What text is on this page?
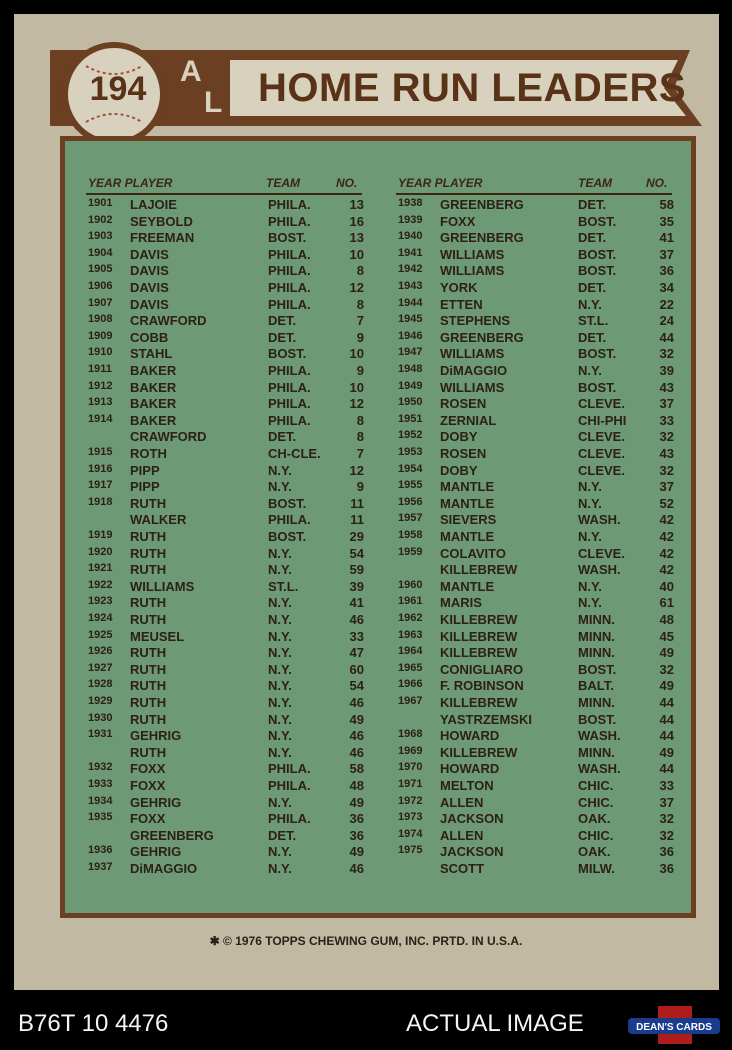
194	A
L HOME RUN LEADERS
YEAR PLAYER	TEAM	NO.	YEAR PLAYER	TEAM	NO.
1901 LAJOIE	PHILA.	13
1902 SEYBOLD	PHILA.	16
1903 FREEMAN	BOST.	13
1904 DAVIS	PHILA.	10
1905 DAVIS	PHILA.	8
1906 DAVIS	PHILA.	12
1907 DAVIS	PHILA.	8
1908 CRAWFORD	DET.	7
1909 COBB	DET.	9
1910 STAHL	BOST.	10
1911 BAKER	PHILA.	9
1912 BAKER	PHILA.	10
1913 BAKER	PHILA.	12
1914 BAKER	PHILA.	8
CRAWFORD	DET.	8
1915 ROTH	CH-CLE.	7
1916 PIPP	N.Y.	12
1917 PIPP	N.Y.	9
1918 RUTH	BOST.	11
WALKER	PHILA.	11
1919 RUTH	BOST.	29
1920 RUTH	N.Y.	54
1921 RUTH	N.Y.	59
1922 WILLIAMS	ST.L.	39
1923 RUTH	N.Y.	41
1924 RUTH	N.Y.	46
1925 MEUSEL	N.Y.	33
1926 RUTH	N.Y.	47
1927 RUTH	N.Y.	60
1928 RUTH	N.Y.	54
1929 RUTH	N.Y.	46
1930 RUTH	N.Y.	49
1931 GEHRIG	N.Y.	46
RUTH	N.Y.	46
1932 FOXX	PHILA.	58
1933 FOXX	PHILA.	48
1934 GEHRIG	N.Y.	49
1935 FOXX	PHILA.	36
GREENBERG	DET.	36
1936 GEHRIG	N.Y.	49
1937 DiMAGGIO	N.Y.	46
1938 GREENBERG	DET.	58
1939 FOXX	BOST.	35
1940 GREENBERG	DET.	41
1941 WILLIAMS	BOST.	37
1942 WILLIAMS	BOST.	36
1943 YORK	DET.	34
1944 ETTEN	N.Y.	22
1945 STEPHENS	ST.L.	24
1946 GREENBERG	DET.	44
1947 WILLIAMS	BOST.	32
1948 DiMAGGIO	N.Y.	39
1949 WILLIAMS	BOST.	43
1950 ROSEN	CLEVE.	37
1951 ZERNIAL	CHI-PHI	33
1952 DOBY	CLEVE.	32
1953 ROSEN	CLEVE.	43
1954 DOBY	CLEVE.	32
1955 MANTLE	N.Y.	37
1956 MANTLE	N.Y.	52
1957 SIEVERS	WASH.	42
1958 MANTLE	N.Y.	42
1959 COLAVITO	CLEVE.	42
KILLEBREW	WASH.	42
1960 MANTLE	N.Y.	40
1961 MARIS	N.Y.	61
1962 KILLEBREW	MINN.	48
1963 KILLEBREW	MINN.	45
1964 KILLEBREW	MINN.	49
1965 CONIGLIARO	BOST.	32
1966 F. ROBINSON	BALT.	49
1967 KILLEBREW	MINN.	44
YASTRZEMSKI	BOST.	44
1968 HOWARD	WASH.	44
1969 KILLEBREW	MINN.	49
1970 HOWARD	WASH.	44
1971 MELTON	CHIC.	33
1972 ALLEN	CHIC.	37
1973 JACKSON	OAK.	32
1974 ALLEN	CHIC.	32
1975 JACKSON	OAK.	36
SCOTT	MILW.	36
✱ © 1976 TOPPS CHEWING GUM, INC. PRTD. IN U.S.A.
B76T 10 4476	ACTUAL IMAGE	DEAN'S CARDS
